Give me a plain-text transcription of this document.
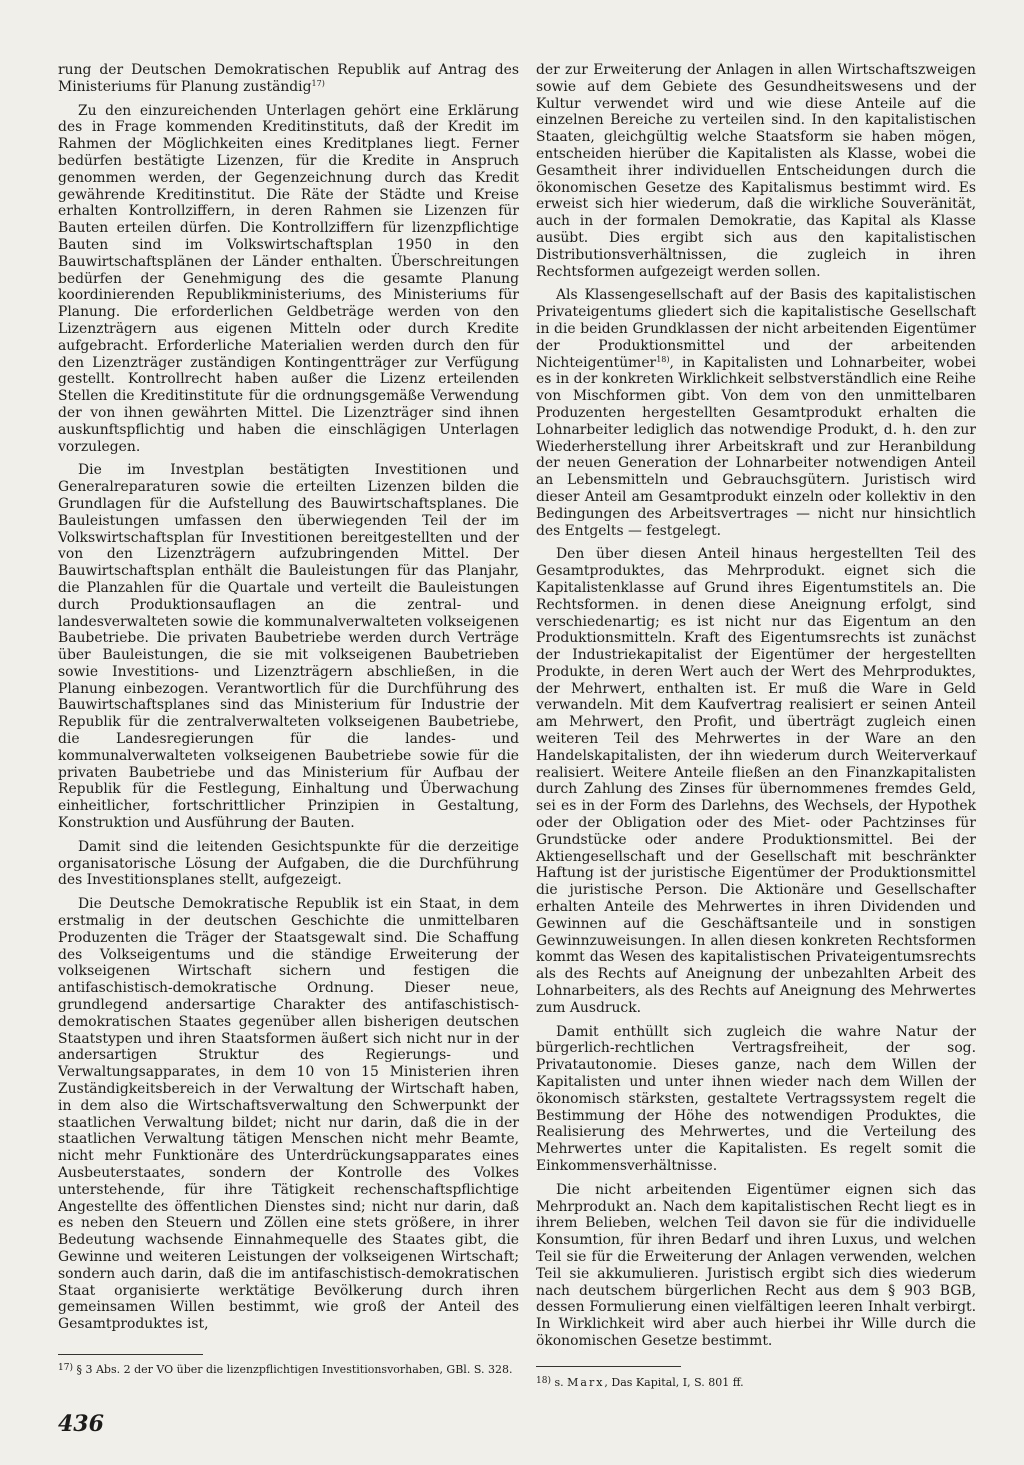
rung der Deutschen Demokratischen Republik auf Antrag des Ministeriums für Planung zuständig$^{17)}$

Zu den einzureichenden Unterlagen gehört eine Erklärung des in Frage kommenden Kreditinstituts, daß der Kredit im Rahmen der Möglichkeiten eines Kreditplanes liegt. Ferner bedürfen bestätigte Lizenzen, für die Kredite in Anspruch genommen werden, der Gegenzeichnung durch das Kredit gewährende Kreditinstitut. Die Räte der Städte und Kreise erhalten Kontrollziffern, in deren Rahmen sie Lizenzen für Bauten erteilen dürfen. Die Kontrollziffern für lizenzpflichtige Bauten sind im Volkswirtschaftsplan 1950 in den Bauwirtschaftsplänen der Länder enthalten. Überschreitungen bedürfen der Genehmigung des die gesamte Planung koordinierenden Republikministeriums, des Ministeriums für Planung. Die erforderlichen Geldbeträge werden von den Lizenzträgern aus eigenen Mitteln oder durch Kredite aufgebracht. Erforderliche Materialien werden durch den für den Lizenzträger zuständigen Kontingentträger zur Verfügung gestellt. Kontrollrecht haben außer die Lizenz erteilenden Stellen die Kreditinstitute für die ordnungsgemäße Verwendung der von ihnen gewährten Mittel. Die Lizenzträger sind ihnen auskunftspflichtig und haben die einschlägigen Unterlagen vorzulegen.

Die im Investplan bestätigten Investitionen und Generalreparaturen sowie die erteilten Lizenzen bilden die Grundlagen für die Aufstellung des Bauwirtschaftsplanes. Die Bauleistungen umfassen den überwiegenden Teil der im Volkswirtschaftsplan für Investitionen bereitgestellten und der von den Lizenzträgern aufzubringenden Mittel. Der Bauwirtschaftsplan enthält die Bauleistungen für das Planjahr, die Planzahlen für die Quartale und verteilt die Bauleistungen durch Produktionsauflagen an die zentral- und landesverwalteten sowie die kommunalverwalteten volkseigenen Baubetriebe. Die privaten Baubetriebe werden durch Verträge über Bauleistungen, die sie mit volkseigenen Baubetrieben sowie Investitions- und Lizenzträgern abschließen, in die Planung einbezogen. Verantwortlich für die Durchführung des Bauwirtschaftsplanes sind das Ministerium für Industrie der Republik für die zentralverwalteten volkseigenen Baubetriebe, die Landesregierungen für die landes- und kommunalverwalteten volkseigenen Baubetriebe sowie für die privaten Baubetriebe und das Ministerium für Aufbau der Republik für die Festlegung, Einhaltung und Überwachung einheitlicher, fortschrittlicher Prinzipien in Gestaltung, Konstruktion und Ausführung der Bauten.

Damit sind die leitenden Gesichtspunkte für die derzeitige organisatorische Lösung der Aufgaben, die die Durchführung des Investitionsplanes stellt, aufgezeigt.

Die Deutsche Demokratische Republik ist ein Staat, in dem erstmalig in der deutschen Geschichte die unmittelbaren Produzenten die Träger der Staatsgewalt sind. Die Schaffung des Volkseigentums und die ständige Erweiterung der volkseigenen Wirtschaft sichern und festigen die antifaschistisch-demokratische Ordnung. Dieser neue, grundlegend andersartige Charakter des antifaschistisch-demokratischen Staates gegenüber allen bisherigen deutschen Staatstypen und ihren Staatsformen äußert sich nicht nur in der andersartigen Struktur des Regierungs- und Verwaltungsapparates, in dem 10 von 15 Ministerien ihren Zuständigkeitsbereich in der Verwaltung der Wirtschaft haben, in dem also die Wirtschaftsverwaltung den Schwerpunkt der staatlichen Verwaltung bildet; nicht nur darin, daß die in der staatlichen Verwaltung tätigen Menschen nicht mehr Beamte, nicht mehr Funktionäre des Unterdrückungsapparates eines Ausbeuterstaates, sondern der Kontrolle des Volkes unterstehende, für ihre Tätigkeit rechenschaftspflichtige Angestellte des öffentlichen Dienstes sind; nicht nur darin, daß es neben den Steuern und Zöllen eine stets größere, in ihrer Bedeutung wachsende Einnahmequelle des Staates gibt, die Gewinne und weiteren Leistungen der volkseigenen Wirtschaft; sondern auch darin, daß die im antifaschistisch-demokratischen Staat organisierte werktätige Bevölkerung durch ihren gemeinsamen Willen bestimmt, wie groß der Anteil des Gesamtproduktes ist,

der zur Erweiterung der Anlagen in allen Wirtschaftszweigen sowie auf dem Gebiete des Gesundheitswesens und der Kultur verwendet wird und wie diese Anteile auf die einzelnen Bereiche zu verteilen sind. In den kapitalistischen Staaten, gleichgültig welche Staatsform sie haben mögen, entscheiden hierüber die Kapitalisten als Klasse, wobei die Gesamtheit ihrer individuellen Entscheidungen durch die ökonomischen Gesetze des Kapitalismus bestimmt wird. Es erweist sich hier wiederum, daß die wirkliche Souveränität, auch in der formalen Demokratie, das Kapital als Klasse ausübt. Dies ergibt sich aus den kapitalistischen Distributionsverhältnissen, die zugleich in ihren Rechtsformen aufgezeigt werden sollen.

Als Klassengesellschaft auf der Basis des kapitalistischen Privateigentums gliedert sich die kapitalistische Gesellschaft in die beiden Grundklassen der nicht arbeitenden Eigentümer der Produktionsmittel und der arbeitenden Nichteigentümer$^{18)}$, in Kapitalisten und Lohnarbeiter, wobei es in der konkreten Wirklichkeit selbstverständlich eine Reihe von Mischformen gibt. Von dem von den unmittelbaren Produzenten hergestellten Gesamtprodukt erhalten die Lohnarbeiter lediglich das notwendige Produkt, d. h. den zur Wiederherstellung ihrer Arbeitskraft und zur Heranbildung der neuen Generation der Lohnarbeiter notwendigen Anteil an Lebensmitteln und Gebrauchsgütern. Juristisch wird dieser Anteil am Gesamtprodukt einzeln oder kollektiv in den Bedingungen des Arbeitsvertrages — nicht nur hinsichtlich des Entgelts — festgelegt.

Den über diesen Anteil hinaus hergestellten Teil des Gesamtproduktes, das Mehrprodukt. eignet sich die Kapitalistenklasse auf Grund ihres Eigentumstitels an. Die Rechtsformen. in denen diese Aneignung erfolgt, sind verschiedenartig; es ist nicht nur das Eigentum an den Produktionsmitteln. Kraft des Eigentumsrechts ist zunächst der Industriekapitalist der Eigentümer der hergestellten Produkte, in deren Wert auch der Wert des Mehrproduktes, der Mehrwert, enthalten ist. Er muß die Ware in Geld verwandeln. Mit dem Kaufvertrag realisiert er seinen Anteil am Mehrwert, den Profit, und überträgt zugleich einen weiteren Teil des Mehrwertes in der Ware an den Handelskapitalisten, der ihn wiederum durch Weiterverkauf realisiert. Weitere Anteile fließen an den Finanzkapitalisten durch Zahlung des Zinses für übernommenes fremdes Geld, sei es in der Form des Darlehns, des Wechsels, der Hypothek oder der Obligation oder des Miet- oder Pachtzinses für Grundstücke oder andere Produktionsmittel. Bei der Aktiengesellschaft und der Gesellschaft mit beschränkter Haftung ist der juristische Eigentümer der Produktionsmittel die juristische Person. Die Aktionäre und Gesellschafter erhalten Anteile des Mehrwertes in ihren Dividenden und Gewinnen auf die Geschäftsanteile und in sonstigen Gewinnzuweisungen. In allen diesen konkreten Rechtsformen kommt das Wesen des kapitalistischen Privateigentumsrechts als des Rechts auf Aneignung der unbezahlten Arbeit des Lohnarbeiters, als des Rechts auf Aneignung des Mehrwertes zum Ausdruck.

Damit enthüllt sich zugleich die wahre Natur der bürgerlich-rechtlichen Vertragsfreiheit, der sog. Privatautonomie. Dieses ganze, nach dem Willen der Kapitalisten und unter ihnen wieder nach dem Willen der ökonomisch stärksten, gestaltete Vertragssystem regelt die Bestimmung der Höhe des notwendigen Produktes, die Realisierung des Mehrwertes, und die Verteilung des Mehrwertes unter die Kapitalisten. Es regelt somit die Einkommensverhältnisse.

Die nicht arbeitenden Eigentümer eignen sich das Mehrprodukt an. Nach dem kapitalistischen Recht liegt es in ihrem Belieben, welchen Teil davon sie für die individuelle Konsumtion, für ihren Bedarf und ihren Luxus, und welchen Teil sie für die Erweiterung der Anlagen verwenden, welchen Teil sie akkumulieren. Juristisch ergibt sich dies wiederum nach deutschem bürgerlichen Recht aus dem § 903 BGB, dessen Formulierung einen vielfältigen leeren Inhalt verbirgt. In Wirklichkeit wird aber auch hierbei ihr Wille durch die ökonomischen Gesetze bestimmt.

$^{17)}$ § 3 Abs. 2 der VO über die lizenzpflichtigen Investitionsvorhaben, GBl. S. 328.
$^{18)}$ s. Marx, Das Kapital, I, S. 801 ff.
436
